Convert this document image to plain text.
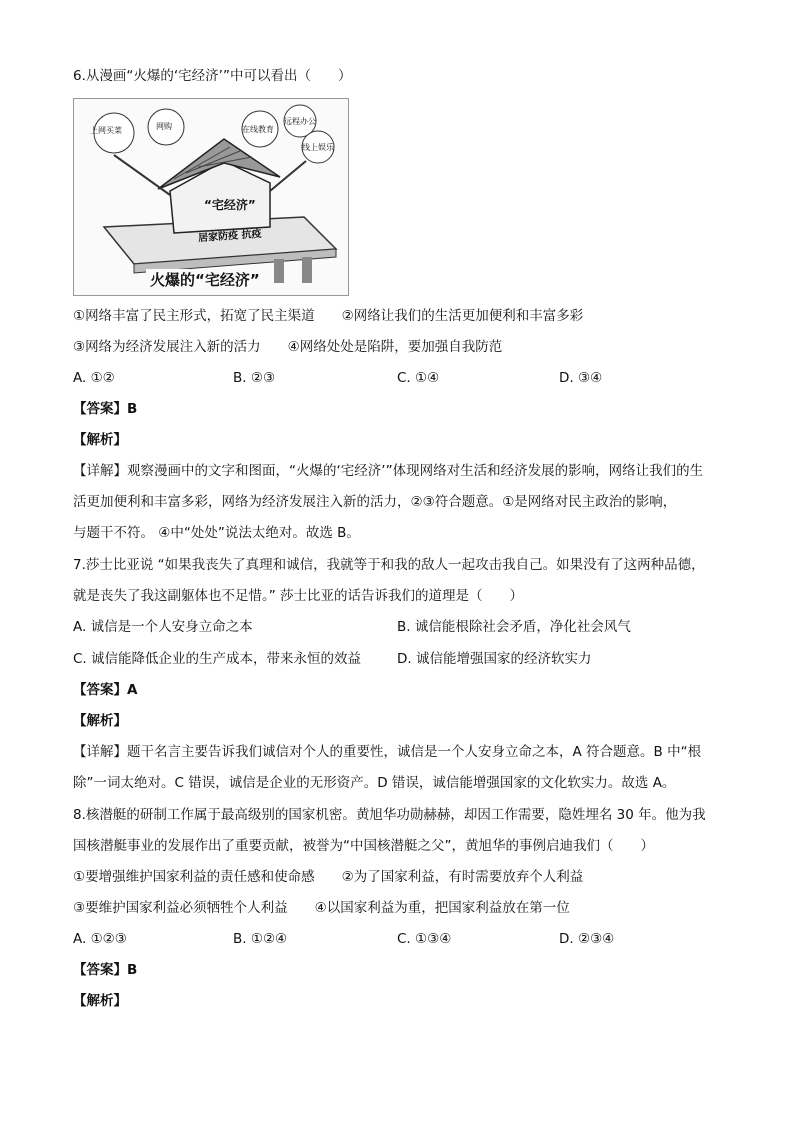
6.从漫画“火爆的‘宅经济’”中可以看出（　　）
“宅经济”
居家防疫 抗疫
上网买菜	网购	在线教育
远程办公
线上娱乐
火爆的“宅经济”
①网络丰富了民主形式，拓宽了民主渠道　　②网络让我们的生活更加便利和丰富多彩
③网络为经济发展注入新的活力　　④网络处处是陷阱，要加强自我防范
A. ①②	B. ②③	C. ①④	D. ③④
【答案】B
【解析】
【详解】观察漫画中的文字和图面，“火爆的‘宅经济’”体现网络对生活和经济发展的影响，网络让我们的生
活更加便利和丰富多彩，网络为经济发展注入新的活力，②③符合题意。①是网络对民主政治的影响，
与题干不符。 ④中“处处”说法太绝对。故选 B。
7.莎士比亚说 “如果我丧失了真理和诚信，我就等于和我的敌人一起攻击我自己。如果没有了这两种品德，
就是丧失了我这副躯体也不足惜。” 莎士比亚的话告诉我们的道理是（　　）
A. 诚信是一个人安身立命之本	B. 诚信能根除社会矛盾，净化社会风气
C. 诚信能降低企业的生产成本，带来永恒的效益	D. 诚信能增强国家的经济软实力
【答案】A
【解析】
【详解】题干名言主要告诉我们诚信对个人的重要性，诚信是一个人安身立命之本，A 符合题意。B 中“根
除”一词太绝对。C 错误，诚信是企业的无形资产。D 错误，诚信能增强国家的文化软实力。故选 A。
8.核潜艇的研制工作属于最高级别的国家机密。黄旭华功勋赫赫，却因工作需要，隐姓埋名 30 年。他为我
国核潜艇事业的发展作出了重要贡献，被誉为“中国核潜艇之父”，黄旭华的事例启迪我们（　　）
①要增强维护国家利益的责任感和使命感　　②为了国家利益，有时需要放弃个人利益
③要维护国家利益必须牺牲个人利益　　④以国家利益为重，把国家利益放在第一位
A. ①②③	B. ①②④	C. ①③④	D. ②③④
【答案】B
【解析】
